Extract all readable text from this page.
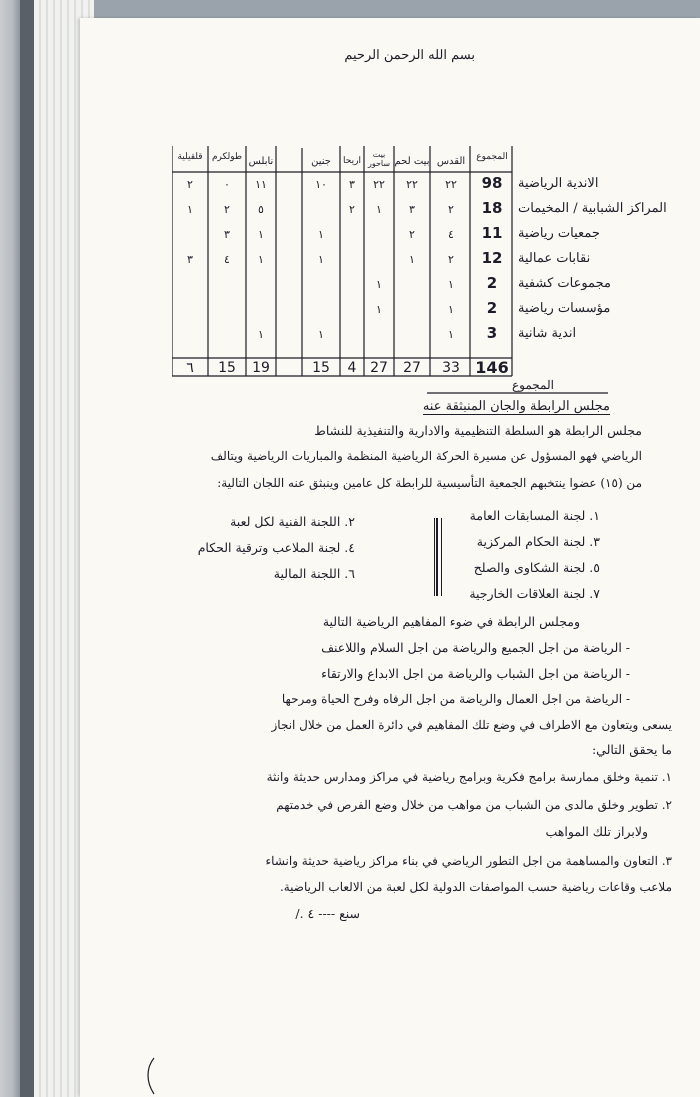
بسم الله الرحمن الرحيم
المجموع
القدس
بيت لحم
بيت ساحور
اريحا
جنين
نابلس
طولكرم
قلقيلية
الاندية الرياضية
98
٢٢
٢٢
٢٢
٣
١٠
١١
٠
٢
المراكز الشبابية / المخيمات
18
٢
٣
١
٢
٥
٢
١
جمعيات رياضية
11
٤
٢
١
١
٣
نقابات عمالية
12
٢
١
١
١
٤
٣
مجموعات كشفية
2
١
١
مؤسسات رياضية
2
١
١
اندية شانية
3
١
١
١
146
المجموع
33
27
27
4
15
19
15
٦
مجلس الرابطة والجان المنبثقة عنه
مجلس الرابطة هو السلطة التنظيمية والادارية والتنفيذية للنشاط
الرياضي فهو المسؤول عن مسيرة الحركة الرياضية المنظمة والمباريات الرياضية ويتالف
من (١٥) عضوا ينتخبهم الجمعية التأسيسية للرابطة كل عامين وينبثق عنه اللجان التالية:
١. لجنة المسابقات العامة
٣. لجنة الحكام المركزية
٥. لجنة الشكاوى والصلح
٧. لجنة العلاقات الخارجية
٢. اللجنة الفنية لكل لعبة
٤. لجنة الملاعب وترقية الحكام
٦. اللجنة المالية
ومجلس الرابطة في ضوء المفاهيم الرياضية التالية
- الرياضة من اجل الجميع والرياضة من اجل السلام واللاعنف
- الرياضة من اجل الشباب والرياضة من اجل الابداع والارتقاء
- الرياضة من اجل العمال والرياضة من اجل الرفاه وفرح الحياة ومرحها
يسعى ويتعاون مع الاطراف في وضع تلك المفاهيم في دائرة العمل من خلال انجاز
ما يحقق التالي:
١. تنمية وخلق ممارسة برامج فكرية وبرامج رياضية في مراكز ومدارس حديثة وانثة
٢. تطوير وخلق مالدى من الشباب من مواهب من خلال وضع الفرص في خدمتهم
ولابراز تلك المواهب
٣. التعاون والمساهمة من اجل التطور الرياضي في بناء مراكز رياضية حديثة وانشاء
ملاعب وقاعات رياضية حسب المواصفات الدولية لكل لعبة من الالعاب الرياضية.
سنع ---- ٤ ./
